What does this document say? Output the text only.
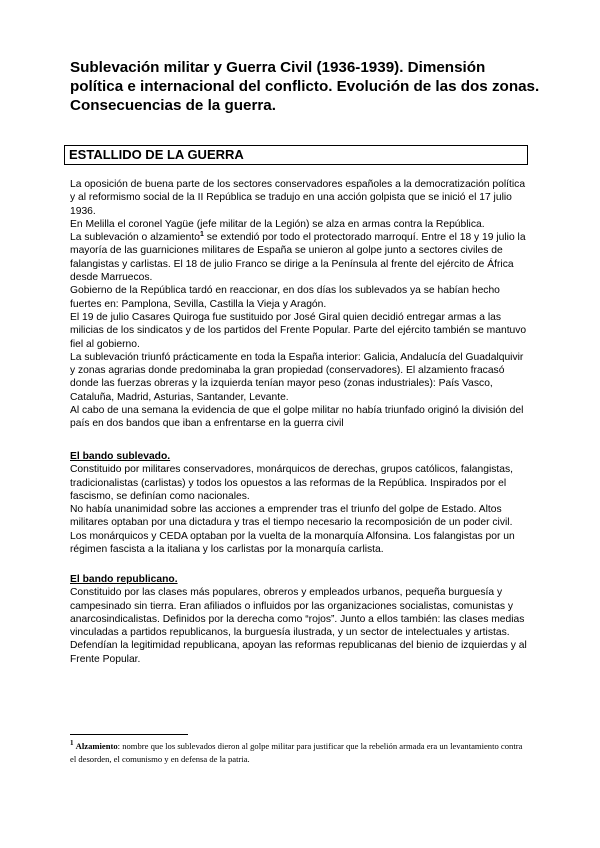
Sublevación militar y Guerra Civil (1936-1939). Dimensión política e internacional del conflicto. Evolución de las dos zonas. Consecuencias de la guerra.
ESTALLIDO DE LA GUERRA

La oposición de buena parte de los sectores conservadores españoles a la democratización política y al reformismo social de la II República se tradujo en una acción golpista que se inició el 17 julio 1936.

En Melilla el coronel Yagüe (jefe militar de la Legión) se alza en armas contra la República.

La sublevación o alzamiento$^1$ se extendió por todo el protectorado marroquí. Entre el 18 y 19 julio la mayoría de las guarniciones militares de España se unieron al golpe junto a sectores civiles de falangistas y carlistas. El 18 de julio Franco se dirige a la Península al frente del ejército de África desde Marruecos.

Gobierno de la República tardó en reaccionar, en dos días los sublevados ya se habían hecho fuertes en: Pamplona, Sevilla, Castilla la Vieja y Aragón.

El 19 de julio Casares Quiroga fue sustituido por José Giral quien decidió entregar armas a las milicias de los sindicatos y de los partidos del Frente Popular. Parte del ejército también se mantuvo fiel al gobierno.

La sublevación triunfó prácticamente en toda la España interior: Galicia, Andalucía del Guadalquivir y zonas agrarias donde predominaba la gran propiedad (conservadores). El alzamiento fracasó donde las fuerzas obreras y la izquierda tenían mayor peso (zonas industriales): País Vasco, Cataluña, Madrid, Asturias, Santander, Levante.

Al cabo de una semana la evidencia de que el golpe militar no había triunfado originó la división del país en dos bandos que iban a enfrentarse en la guerra civil

El bando sublevado.

Constituido por militares conservadores, monárquicos de derechas, grupos católicos, falangistas, tradicionalistas (carlistas) y todos los opuestos a las reformas de la República. Inspirados por el fascismo, se definían como nacionales.

No había unanimidad sobre las acciones a emprender tras el triunfo del golpe de Estado. Altos militares optaban por una dictadura y tras el tiempo necesario la recomposición de un poder civil. Los monárquicos y CEDA optaban por la vuelta de la monarquía Alfonsina. Los falangistas por un régimen fascista a la italiana y los carlistas por la monarquía carlista.

El bando republicano.

Constituido por las clases más populares, obreros y empleados urbanos, pequeña burguesía y campesinado sin tierra. Eran afiliados o influidos por las organizaciones socialistas, comunistas y anarcosindicalistas. Definidos por la derecha como “rojos”. Junto a ellos también: las clases medias vinculadas a partidos republicanos, la burguesía ilustrada, y un sector de intelectuales y artistas.

Defendían la legitimidad republicana, apoyan las reformas republicanas del bienio de izquierdas y al Frente Popular.

$^1$ Alzamiento: nombre que los sublevados dieron al golpe militar para justificar que la rebelión armada era un levantamiento contra el desorden, el comunismo y en defensa de la patria.
